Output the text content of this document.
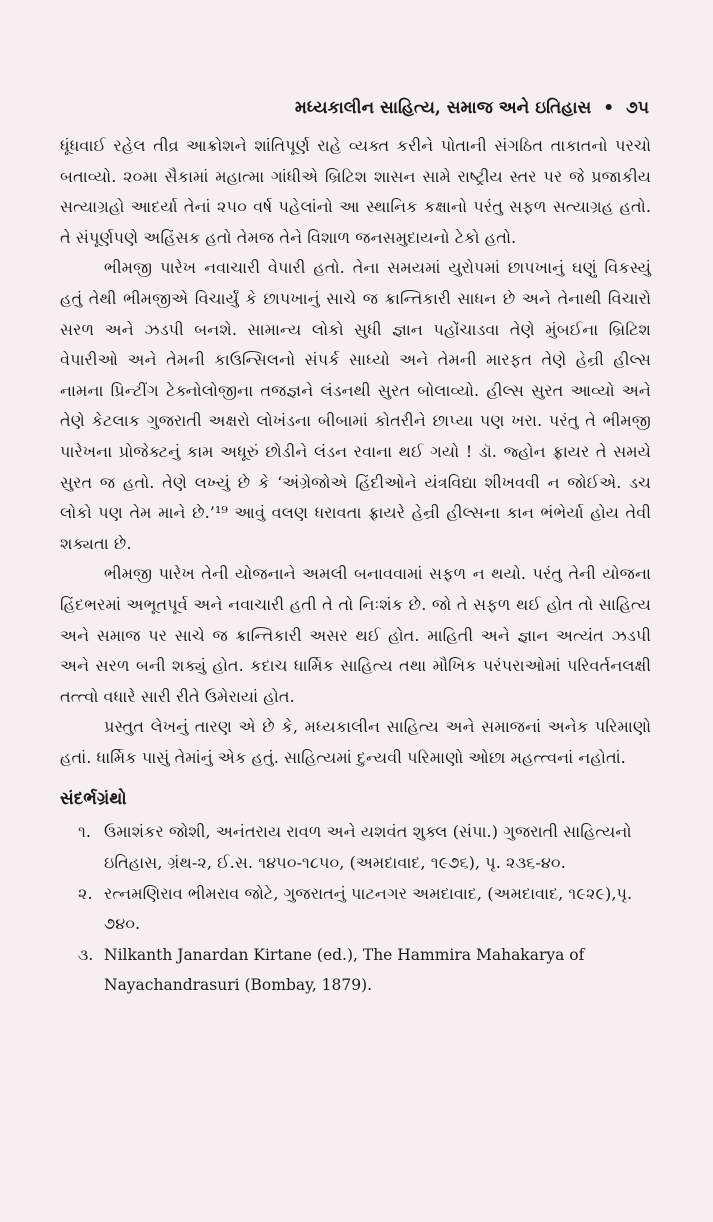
મધ્યકાલીન સાહિત્ય, સમાજ અને ઇતિહાસ • ૭૫

ધૂંધવાઈ રહેલ તીવ્ર આક્રોશને શાંતિપૂર્ણ રાહે વ્યક્ત કરીને પોતાની સંગઠિત તાકાતનો પરચો બતાવ્યો. ૨૦મા સૈકામાં મહાત્મા ગાંધીએ બ્રિટિશ શાસન સામે રાષ્ટ્રીય સ્તર પર જે પ્રજાકીય સત્યાગ્રહો આદર્યા તેનાં ૨૫૦ વર્ષ પહેલાંનો આ સ્થાનિક કક્ષાનો પરંતુ સફળ સત્યાગ્રહ હતો. તે સંપૂર્ણપણે અહિંસક હતો તેમજ તેને વિશાળ જનસમુદાયનો ટેકો હતો.

ભીમજી પારેખ નવાચારી વેપારી હતો. તેના સમયમાં યુરોપમાં છાપખાનું ઘણું વિકસ્યું હતું તેથી ભીમજીએ વિચાર્યું કે છાપખાનું સાચે જ ક્રાન્તિકારી સાધન છે અને તેનાથી વિચારો સરળ અને ઝડપી બનશે. સામાન્ય લોકો સુધી જ્ઞાન પહોંચાડવા તેણે મુંબઈના બ્રિટિશ વેપારીઓ અને તેમની કાઉન્સિલનો સંપર્ક સાધ્યો અને તેમની મારફત તેણે હેન્રી હીલ્સ નામના પ્રિન્ટીંગ ટેક્નોલોજીના તજજ્ઞને લંડનથી સુરત બોલાવ્યો. હીલ્સ સુરત આવ્યો અને તેણે કેટલાક ગુજરાતી અક્ષરો લોખંડના બીબામાં કોતરીને છાપ્યા પણ ખરા. પરંતુ તે ભીમજી પારેખના પ્રોજેક્ટનું કામ અધૂરું છોડીને લંડન રવાના થઈ ગયો ! ડૉ. જ્હોન ફ્રાયર તે સમયે સુરત જ હતો. તેણે લખ્યું છે કે ‘અંગ્રેજોએ હિંદીઓને યંત્રવિદ્યા શીખવવી ન જોઈએ. ડચ લોકો પણ તેમ માને છે.’¹⁹ આવું વલણ ધરાવતા ફ્રાયરે હેન્રી હીલ્સના કાન ભંભેર્યા હોય તેવી શક્યતા છે.

ભીમજી પારેખ તેની યોજનાને અમલી બનાવવામાં સફળ ન થયો. પરંતુ તેની યોજના હિંદભરમાં અભૂતપૂર્વ અને નવાચારી હતી તે તો નિઃશંક છે. જો તે સફળ થઈ હોત તો સાહિત્ય અને સમાજ પર સાચે જ ક્રાન્તિકારી અસર થઈ હોત. માહિતી અને જ્ઞાન અત્યંત ઝડપી અને સરળ બની શક્યું હોત. કદાચ ધાર્મિક સાહિત્ય તથા મૌખિક પરંપરાઓમાં પરિવર્તનલક્ષી તત્ત્વો વધારે સારી રીતે ઉમેરાયાં હોત.

પ્રસ્તુત લેખનું તારણ એ છે કે, મધ્યકાલીન સાહિત્ય અને સમાજનાં અનેક પરિમાણો હતાં. ધાર્મિક પાસું તેમાંનું એક હતું. સાહિત્યમાં દુન્યવી પરિમાણો ઓછા મહત્ત્વનાં નહોતાં.

સંદર્ભગ્રંથો
૧. ઉમાશંકર જોશી, અનંતરાય રાવળ અને યશવંત શુક્લ (સંપા.) ગુજરાતી સાહિત્યનો ઇતિહાસ, ગ્રંથ-૨, ઈ.સ. ૧૪૫૦-૧૮૫૦, (અમદાવાદ, ૧૯૭૬), પૃ. ૨૩૬-૪૦.
૨. રત્નમણિરાવ ભીમરાવ જોટે, ગુજરાતનું પાટનગર અમદાવાદ, (અમદાવાદ, ૧૯૨૯),પૃ. ૭૪૦.
૩. Nilkanth Janardan Kirtane (ed.), The Hammira Mahakarya of Nayachandrasuri (Bombay, 1879).
